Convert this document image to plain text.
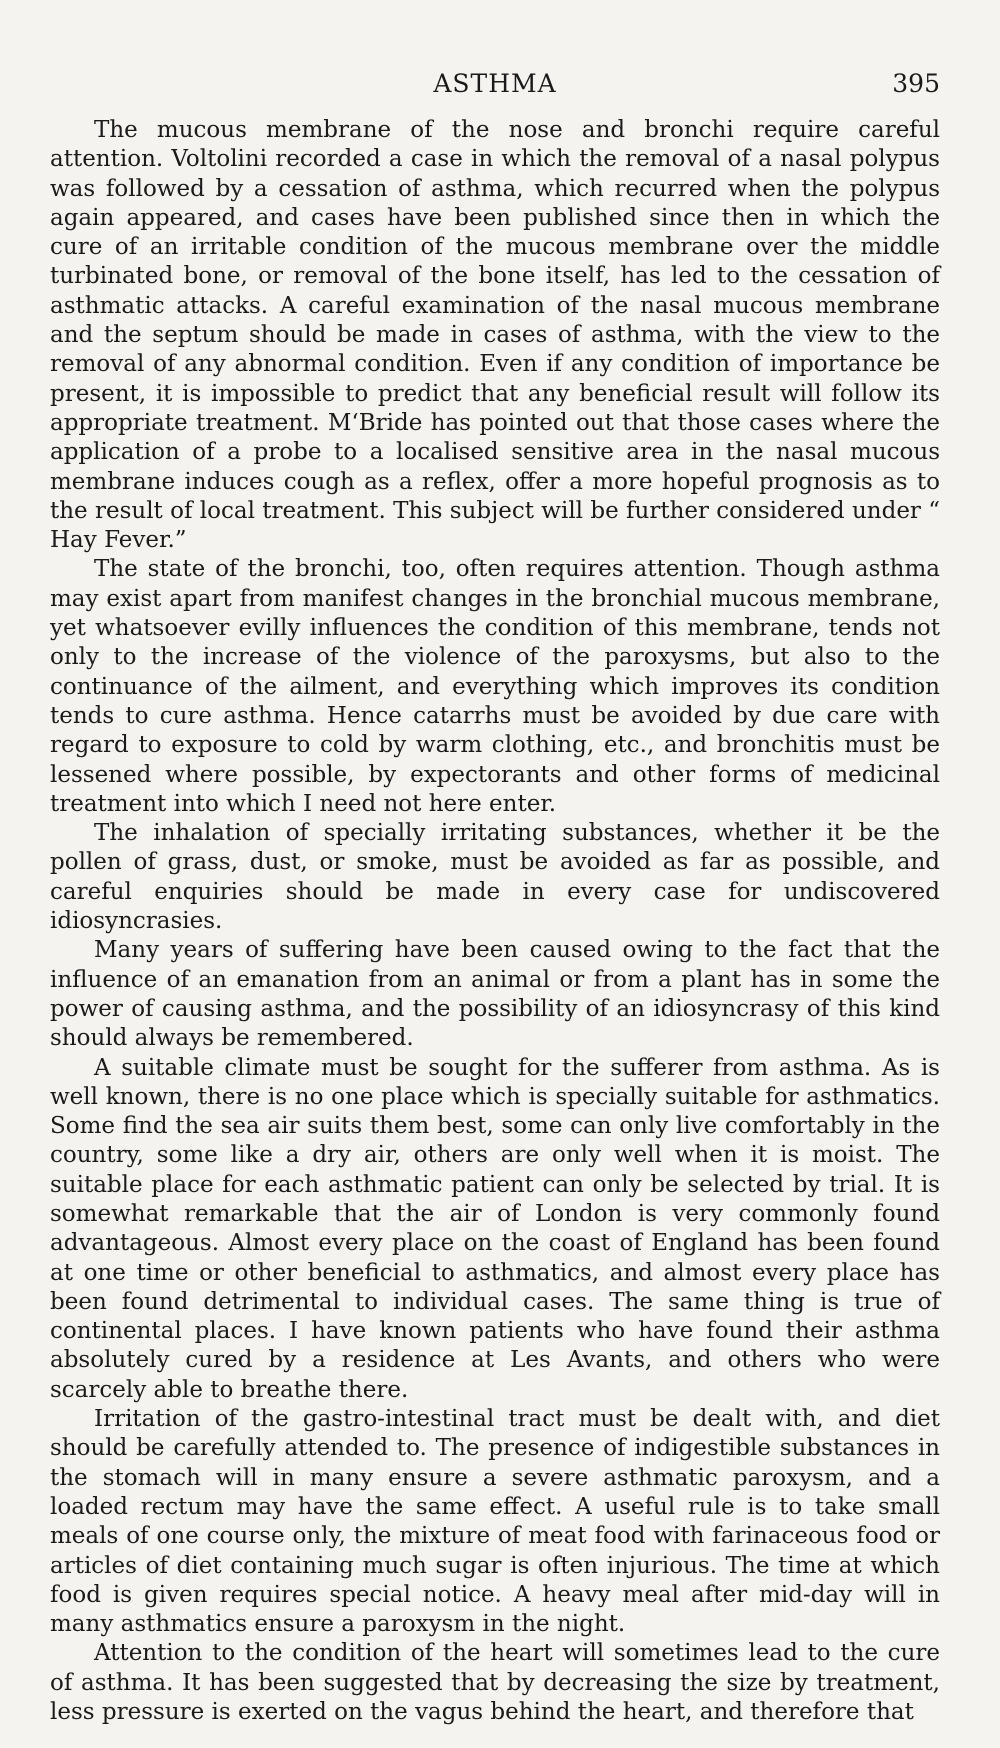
ASTHMA	395

The mucous membrane of the nose and bronchi require careful attention. Voltolini recorded a case in which the removal of a nasal polypus was followed by a cessation of asthma, which recurred when the polypus again appeared, and cases have been published since then in which the cure of an irritable condition of the mucous membrane over the middle turbinated bone, or removal of the bone itself, has led to the cessation of asthmatic attacks. A careful examination of the nasal mucous membrane and the septum should be made in cases of asthma, with the view to the removal of any abnormal condition. Even if any condition of importance be present, it is impossible to predict that any beneficial result will follow its appropriate treatment. M‘Bride has pointed out that those cases where the application of a probe to a localised sensitive area in the nasal mucous membrane induces cough as a reflex, offer a more hopeful prognosis as to the result of local treatment. This subject will be further considered under “ Hay Fever.”

The state of the bronchi, too, often requires attention. Though asthma may exist apart from manifest changes in the bronchial mucous membrane, yet whatsoever evilly influences the condition of this membrane, tends not only to the increase of the violence of the paroxysms, but also to the continuance of the ailment, and everything which improves its condition tends to cure asthma. Hence catarrhs must be avoided by due care with regard to exposure to cold by warm clothing, etc., and bronchitis must be lessened where possible, by expectorants and other forms of medicinal treatment into which I need not here enter.

The inhalation of specially irritating substances, whether it be the pollen of grass, dust, or smoke, must be avoided as far as possible, and careful enquiries should be made in every case for undiscovered idiosyncrasies.

Many years of suffering have been caused owing to the fact that the influence of an emanation from an animal or from a plant has in some the power of causing asthma, and the possibility of an idiosyncrasy of this kind should always be remembered.

A suitable climate must be sought for the sufferer from asthma. As is well known, there is no one place which is specially suitable for asthmatics. Some find the sea air suits them best, some can only live comfortably in the country, some like a dry air, others are only well when it is moist. The suitable place for each asthmatic patient can only be selected by trial. It is somewhat remarkable that the air of London is very commonly found advantageous. Almost every place on the coast of England has been found at one time or other beneficial to asthmatics, and almost every place has been found detrimental to individual cases. The same thing is true of continental places. I have known patients who have found their asthma absolutely cured by a residence at Les Avants, and others who were scarcely able to breathe there.

Irritation of the gastro-intestinal tract must be dealt with, and diet should be carefully attended to. The presence of indigestible substances in the stomach will in many ensure a severe asthmatic paroxysm, and a loaded rectum may have the same effect. A useful rule is to take small meals of one course only, the mixture of meat food with farinaceous food or articles of diet containing much sugar is often injurious. The time at which food is given requires special notice. A heavy meal after mid-day will in many asthmatics ensure a paroxysm in the night.

Attention to the condition of the heart will sometimes lead to the cure of asthma. It has been suggested that by decreasing the size by treatment, less pressure is exerted on the vagus behind the heart, and therefore that
